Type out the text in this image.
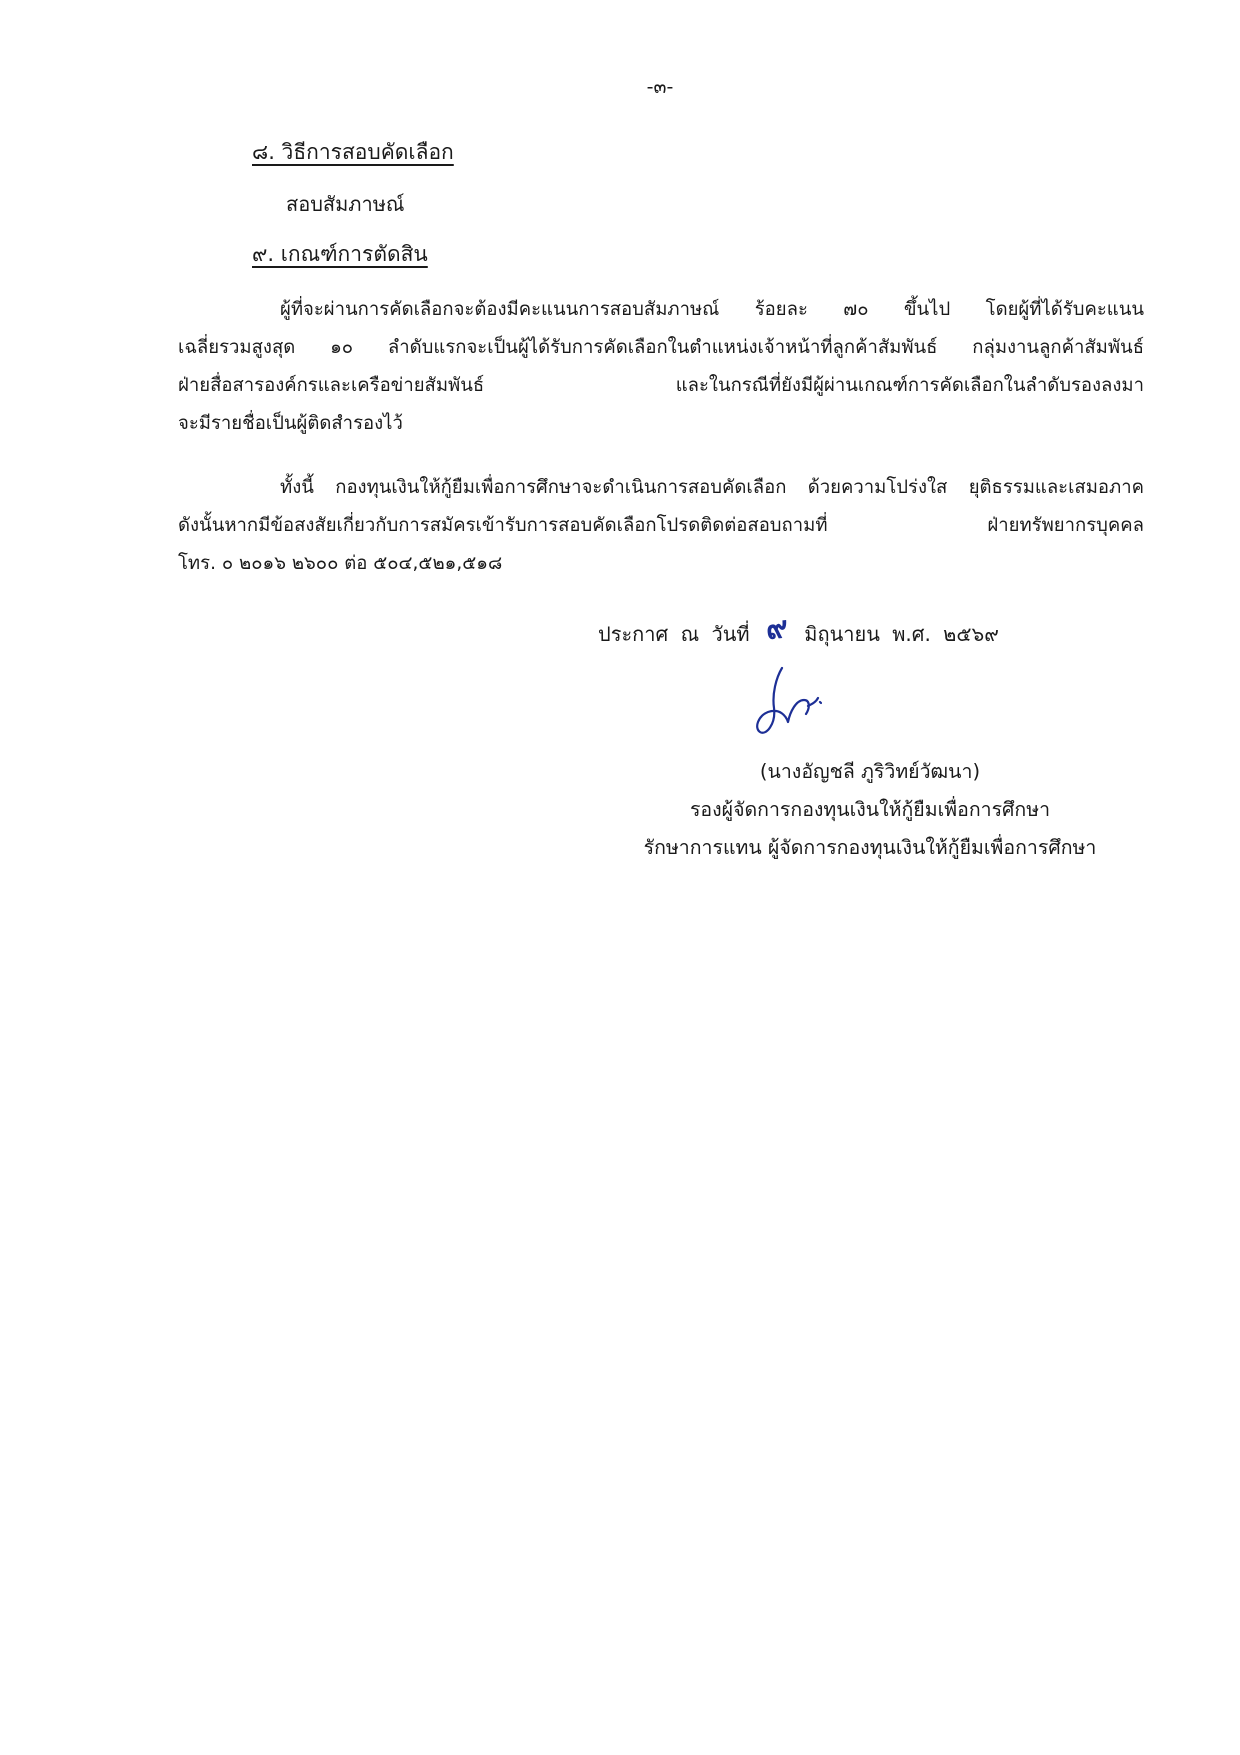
-๓-
๘. วิธีการสอบคัดเลือก
สอบสัมภาษณ์
๙. เกณฑ์การตัดสิน
ผู้ที่จะผ่านการคัดเลือกจะต้องมีคะแนนการสอบสัมภาษณ์ ร้อยละ ๗๐ ขึ้นไป โดยผู้ที่ได้รับคะแนน
เฉลี่ยรวมสูงสุด ๑๐ ลำดับแรกจะเป็นผู้ได้รับการคัดเลือกในตำแหน่งเจ้าหน้าที่ลูกค้าสัมพันธ์ กลุ่มงานลูกค้าสัมพันธ์
ฝ่ายสื่อสารองค์กรและเครือข่ายสัมพันธ์ และในกรณีที่ยังมีผู้ผ่านเกณฑ์การคัดเลือกในลำดับรองลงมา
จะมีรายชื่อเป็นผู้ติดสำรองไว้
ทั้งนี้ กองทุนเงินให้กู้ยืมเพื่อการศึกษาจะดำเนินการสอบคัดเลือก ด้วยความโปร่งใส ยุติธรรมและเสมอภาค
ดังนั้นหากมีข้อสงสัยเกี่ยวกับการสมัครเข้ารับการสอบคัดเลือกโปรดติดต่อสอบถามที่ ฝ่ายทรัพยากรบุคคล
โทร. ๐ ๒๐๑๖ ๒๖๐๐ ต่อ ๕๐๔,๕๒๑,๕๑๘
ประกาศ ณ วันที่ ๙ มิถุนายน พ.ศ. ๒๕๖๙
(นางอัญชลี ภูริวิทย์วัฒนา)
รองผู้จัดการกองทุนเงินให้กู้ยืมเพื่อการศึกษา
รักษาการแทน ผู้จัดการกองทุนเงินให้กู้ยืมเพื่อการศึกษา
